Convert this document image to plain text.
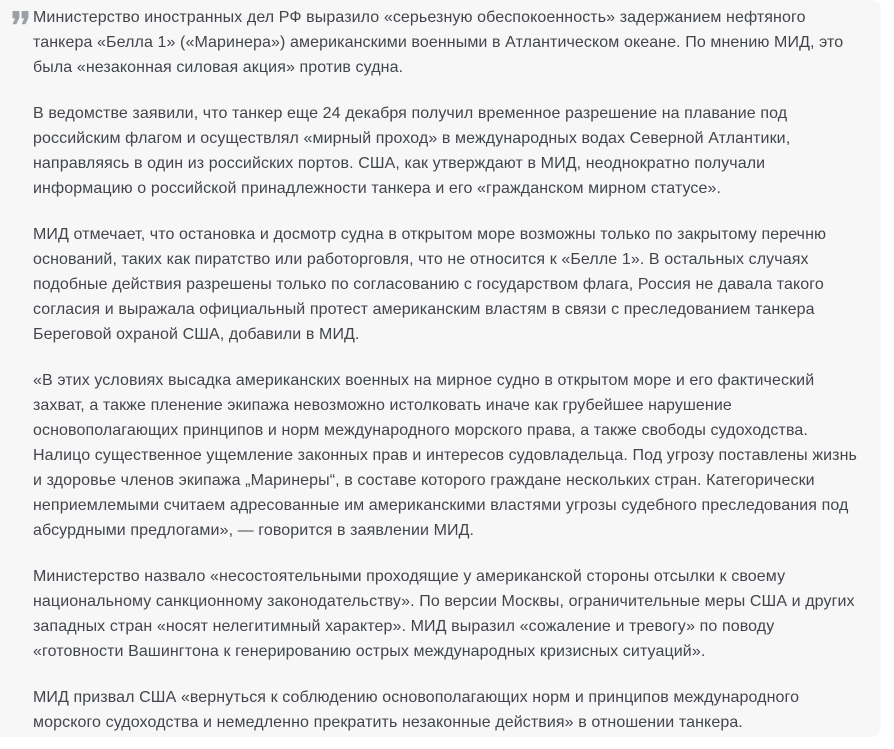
Министерство иностранных дел РФ выразило «серьезную обеспокоенность» задержанием нефтяного танкера «Белла 1» («Маринера») американскими военными в Атлантическом океане. По мнению МИД, это была «незаконная силовая акция» против судна.

В ведомстве заявили, что танкер еще 24 декабря получил временное разрешение на плавание под российским флагом и осуществлял «мирный проход» в международных водах Северной Атлантики, направляясь в один из российских портов. США, как утверждают в МИД, неоднократно получали информацию о российской принадлежности танкера и его «гражданском мирном статусе».

МИД отмечает, что остановка и досмотр судна в открытом море возможны только по закрытому перечню оснований, таких как пиратство или работорговля, что не относится к «Белле 1». В остальных случаях подобные действия разрешены только по согласованию с государством флага, Россия не давала такого согласия и выражала официальный протест американским властям в связи с преследованием танкера Береговой охраной США, добавили в МИД.

«В этих условиях высадка американских военных на мирное судно в открытом море и его фактический захват, а также пленение экипажа невозможно истолковать иначе как грубейшее нарушение основополагающих принципов и норм международного морского права, а также свободы судоходства. Налицо существенное ущемление законных прав и интересов судовладельца. Под угрозу поставлены жизнь и здоровье членов экипажа „Маринеры“, в составе которого граждане нескольких стран. Категорически неприемлемыми считаем адресованные им американскими властями угрозы судебного преследования под абсурдными предлогами», — говорится в заявлении МИД.

Министерство назвало «несостоятельными проходящие у американской стороны отсылки к своему национальному санкционному законодательству». По версии Москвы, ограничительные меры США и других западных стран «носят нелегитимный характер». МИД выразил «сожаление и тревогу» по поводу «готовности Вашингтона к генерированию острых международных кризисных ситуаций».

МИД призвал США «вернуться к соблюдению основополагающих норм и принципов международного морского судоходства и немедленно прекратить незаконные действия» в отношении танкера.
